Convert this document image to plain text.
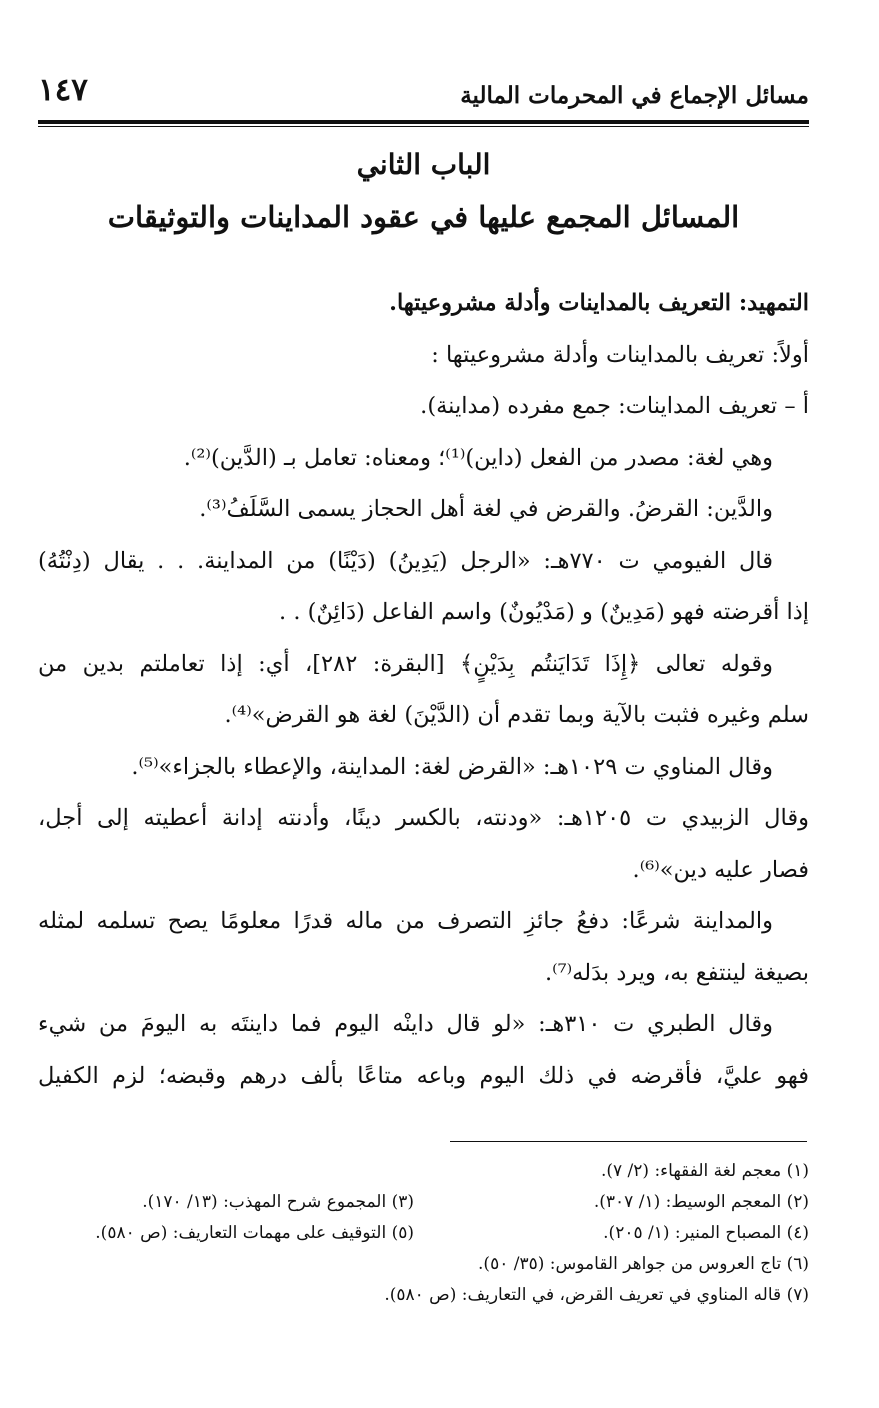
١٤٧	مسائل الإجماع في المحرمات المالية
الباب الثاني
المسائل المجمع عليها في عقود المداينات والتوثيقات
التمهيد: التعريف بالمداينات وأدلة مشروعيتها.
أولاً: تعريف بالمداينات وأدلة مشروعيتها :
أ – تعريف المداينات: جمع مفرده (مداينة).
وهي لغة: مصدر من الفعل (داين)⁽¹⁾؛ ومعناه: تعامل بـ (الدَّين)⁽²⁾.
والدَّين: القرضُ. والقرض في لغة أهل الحجاز يسمى السَّلَفُ⁽³⁾.
قال الفيومي ت ٧٧٠هـ: «الرجل (يَدِينُ) (دَيْنًا) من المداينة. . . يقال (دِنْتُهُ)
إذا أقرضته فهو (مَدِينٌ) و (مَدْيُونٌ) واسم الفاعل (دَائِنٌ) . .
وقوله تعالى ﴿إِذَا تَدَايَنتُم بِدَيْنٍ﴾ [البقرة: ٢٨٢]، أي: إذا تعاملتم بدين من
سلم وغيره فثبت بالآية وبما تقدم أن (الدَّيْنَ) لغة هو القرض»⁽⁴⁾.
وقال المناوي ت ١٠٢٩هـ: «القرض لغة: المداينة، والإعطاء بالجزاء»⁽⁵⁾.
وقال الزبيدي ت ١٢٠٥هـ: «ودنته، بالكسر دينًا، وأدنته إدانة أعطيته إلى أجل،
فصار عليه دين»⁽⁶⁾.
والمداينة شرعًا: دفعُ جائزِ التصرف من ماله قدرًا معلومًا يصح تسلمه لمثله
بصيغة لينتفع به، ويرد بدَله⁽⁷⁾.
وقال الطبري ت ٣١٠هـ: «لو قال داينْه اليوم فما داينتَه به اليومَ من شيء
فهو عليَّ، فأقرضه في ذلك اليوم وباعه متاعًا بألف درهم وقبضه؛ لزم الكفيل
(١) معجم لغة الفقهاء: (٢/ ٧).
(٢) المعجم الوسيط: (١/ ٣٠٧).
(٣) المجموع شرح المهذب: (١٣/ ١٧٠).
(٤) المصباح المنير: (١/ ٢٠٥).
(٥) التوقيف على مهمات التعاريف: (ص ٥٨٠).
(٦) تاج العروس من جواهر القاموس: (٣٥/ ٥٠).
(٧) قاله المناوي في تعريف القرض، في التعاريف: (ص ٥٨٠).
